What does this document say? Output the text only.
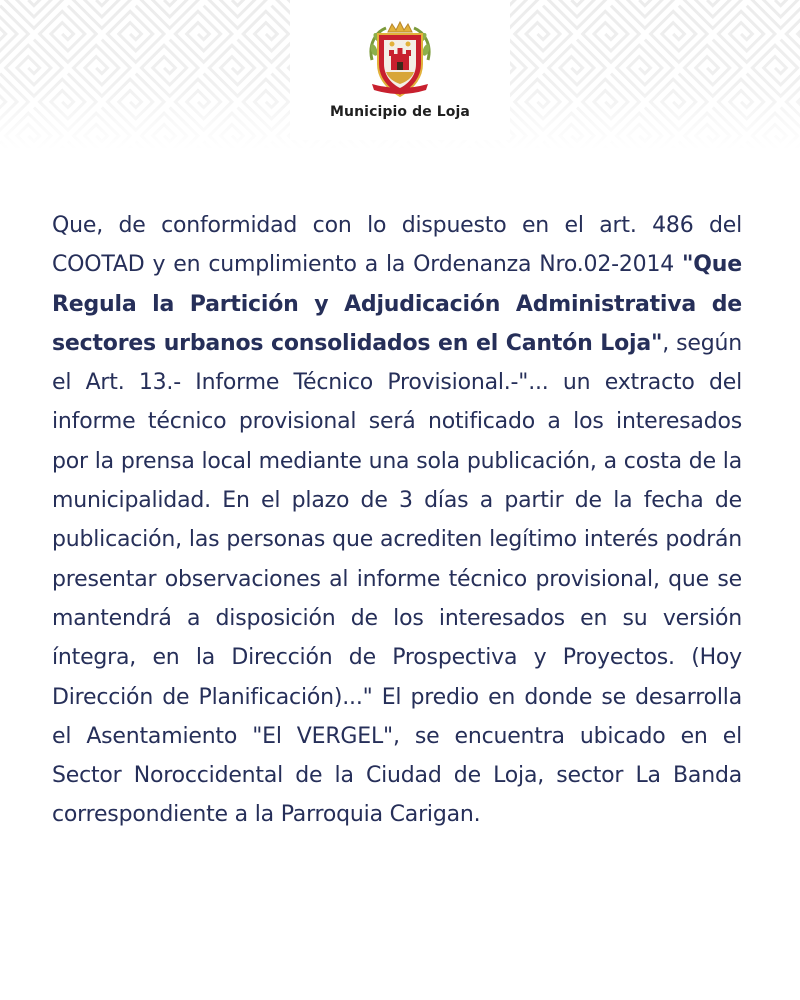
Municipio de Loja

Que, de conformidad con lo dispuesto en el art. 486 del COOTAD y en cumplimiento a la Ordenanza Nro.02-2014 "Que Regula la Partición y Adjudicación Administrativa de sectores urbanos consolidados en el Cantón Loja", según el Art. 13.- Informe Técnico Provisional.-"... un extracto del informe técnico provisional será notificado a los interesados por la prensa local mediante una sola publicación, a costa de la municipalidad. En el plazo de 3 días a partir de la fecha de publicación, las personas que acrediten legítimo interés podrán presentar observaciones al informe técnico provisional, que se mantendrá a disposición de los interesados en su versión íntegra, en la Dirección de Prospectiva y Proyectos. (Hoy Dirección de Planificación)..." El predio en donde se desarrolla el Asentamiento "El VERGEL", se encuentra ubicado en el Sector Noroccidental de la Ciudad de Loja, sector La Banda correspondiente a la Parroquia Carigan.
